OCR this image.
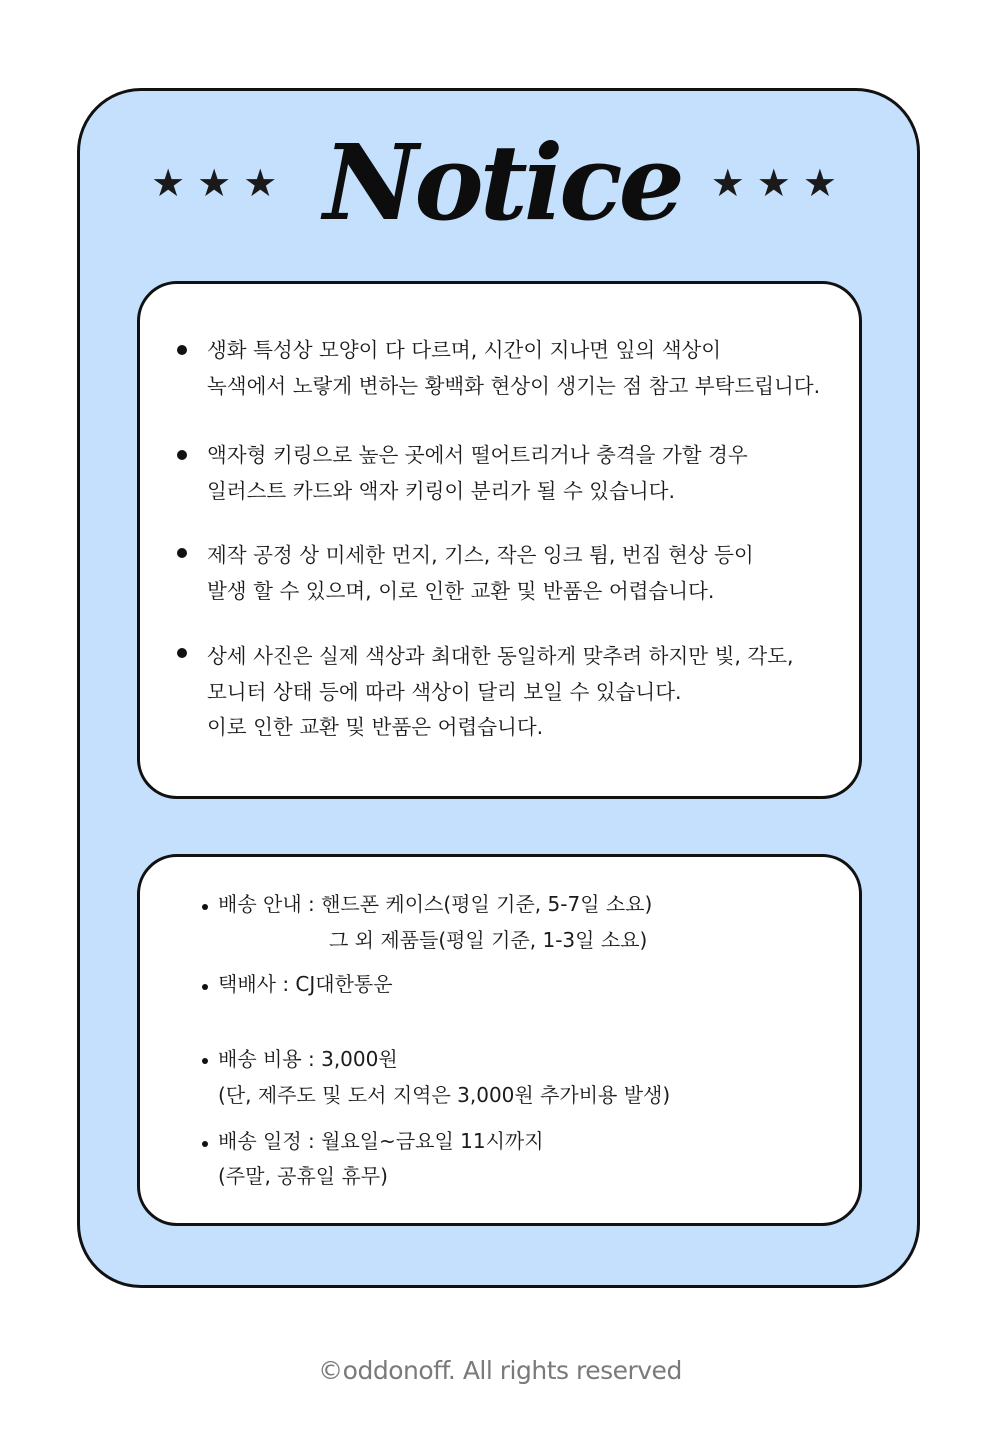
★★★ Notice ★★★
생화 특성상 모양이 다 다르며, 시간이 지나면 잎의 색상이
녹색에서 노랗게 변하는 황백화 현상이 생기는 점 참고 부탁드립니다.
액자형 키링으로 높은 곳에서 떨어트리거나 충격을 가할 경우
일러스트 카드와 액자 키링이 분리가 될 수 있습니다.
제작 공정 상 미세한 먼지, 기스, 작은 잉크 튐, 번짐 현상 등이
발생 할 수 있으며, 이로 인한 교환 및 반품은 어렵습니다.
상세 사진은 실제 색상과 최대한 동일하게 맞추려 하지만 빛, 각도,
모니터 상태 등에 따라 색상이 달리 보일 수 있습니다.
이로 인한 교환 및 반품은 어렵습니다.
배송 안내 : 핸드폰 케이스(평일 기준, 5-7일 소요)
그 외 제품들(평일 기준, 1-3일 소요)
택배사 : CJ대한통운
배송 비용 : 3,000원
(단, 제주도 및 도서 지역은 3,000원 추가비용 발생)
배송 일정 : 월요일~금요일 11시까지
(주말, 공휴일 휴무)
©oddonoff. All rights reserved
